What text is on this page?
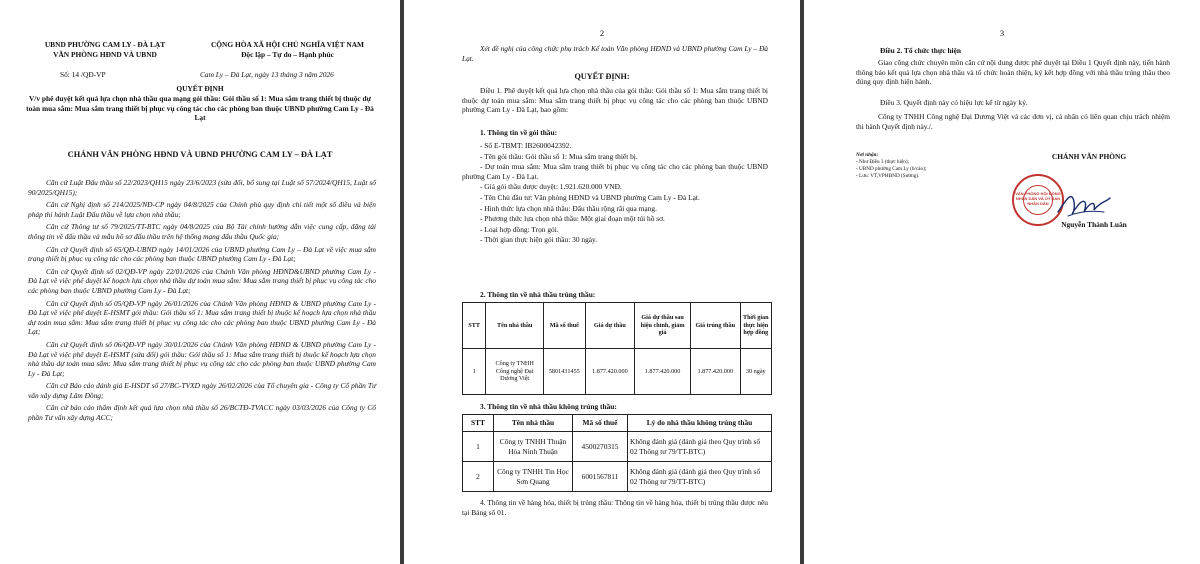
UBND PHƯỜNG CAM LY - ĐÀ LẠT
VĂN PHÒNG HĐND VÀ UBND
CỘNG HÒA XÃ HỘI CHỦ NGHĨA VIỆT NAM
Độc lập – Tự do – Hạnh phúc
Số: 14 /QĐ-VP	Cam Ly – Đà Lạt, ngày 13 tháng 3 năm 2026
QUYẾT ĐỊNH
V/v phê duyệt kết quả lựa chọn nhà thầu qua mạng gói thầu: Gói thầu số 1: Mua sắm trang thiết bị thuộc dự toán mua sắm: Mua sắm trang thiết bị phục vụ công tác cho các phòng ban thuộc UBND phường Cam Ly - Đà Lạt
CHÁNH VĂN PHÒNG HĐND VÀ UBND PHƯỜNG CAM LY – ĐÀ LẠT
Căn cứ Luật Đấu thầu số 22/2023/QH15 ngày 23/6/2023 (sửa đổi, bổ sung tại Luật số 57/2024/QH15, Luật số 90/2025/QH15);
Căn cứ Nghị định số 214/2025/NĐ-CP ngày 04/8/2025 của Chính phủ quy định chi tiết một số điều và biện pháp thi hành Luật Đấu thầu về lựa chọn nhà thầu;
Căn cứ Thông tư số 79/2025/TT-BTC ngày 04/8/2025 của Bộ Tài chính hướng dẫn việc cung cấp, đăng tải thông tin về đấu thầu và mẫu hồ sơ đấu thầu trên hệ thống mạng đấu thầu Quốc gia;
Căn cứ Quyết định số 65/QĐ-UBND ngày 14/01/2026 của UBND phường Cam Ly – Đà Lạt về việc mua sắm trang thiết bị phục vụ công tác cho các phòng ban thuộc UBND phường Cam Ly - Đà Lạt;
Căn cứ Quyết định số 02/QĐ-VP ngày 22/01/2026 của Chánh Văn phòng HĐND&UBND phường Cam Ly - Đà Lạt về việc phê duyệt kế hoạch lựa chọn nhà thầu dự toán mua sắm: Mua sắm trang thiết bị phục vụ công tác cho các phòng ban thuộc UBND phường Cam Ly - Đà Lạt;
Căn cứ Quyết định số 05/QĐ-VP ngày 26/01/2026 của Chánh Văn phòng HĐND & UBND phường Cam Ly - Đà Lạt về việc phê duyệt E-HSMT gói thầu: Gói thầu số 1: Mua sắm trang thiết bị thuộc kế hoạch lựa chọn nhà thầu dự toán mua sắm: Mua sắm trang thiết bị phục vụ công tác cho các phòng ban thuộc UBND phường Cam Ly - Đà Lạt;
Căn cứ Quyết định số 06/QĐ-VP ngày 30/01/2026 của Chánh Văn phòng HĐND & UBND phường Cam Ly - Đà Lạt về việc phê duyệt E-HSMT (sửa đổi) gói thầu: Gói thầu số 1: Mua sắm trang thiết bị thuộc kế hoạch lựa chọn nhà thầu dự toán mua sắm: Mua sắm trang thiết bị phục vụ công tác cho các phòng ban thuộc UBND phường Cam Ly - Đà Lạt;
Căn cứ Báo cáo đánh giá E-HSDT số 27/BC-TVXD ngày 26/02/2026 của Tổ chuyên gia - Công ty Cổ phần Tư vấn xây dựng Lâm Đồng;
Căn cứ báo cáo thẩm định kết quả lựa chọn nhà thầu số 26/BCTĐ-TVACC ngày 03/03/2026 của Công ty Cổ phần Tư vấn xây dựng ACC;
2
Xét đề nghị của công chức phụ trách Kế toán Văn phòng HĐND và UBND phường Cam Ly – Đà Lạt.
QUYẾT ĐỊNH:
Điều 1. Phê duyệt kết quả lựa chọn nhà thầu của gói thầu: Gói thầu số 1: Mua sắm trang thiết bị thuộc dự toán mua sắm: Mua sắm trang thiết bị phục vụ công tác cho các phòng ban thuộc UBND phường Cam Ly - Đà Lạt, bao gồm:
1. Thông tin về gói thầu:
- Số E-TBMT: IB2600042392.
- Tên gói thầu: Gói thầu số 1: Mua sắm trang thiết bị.
- Dự toán mua sắm: Mua sắm trang thiết bị phục vụ công tác cho các phòng ban thuộc UBND phường Cam Ly - Đà Lạt.
- Giá gói thầu được duyệt: 1.921.620.000 VNĐ.
- Tên Chủ đầu tư: Văn phòng HĐND và UBND phường Cam Ly - Đà Lạt.
- Hình thức lựa chọn nhà thầu: Đấu thầu rộng rãi qua mạng.
- Phương thức lựa chọn nhà thầu: Một giai đoạn một túi hồ sơ.
- Loại hợp đồng: Trọn gói.
- Thời gian thực hiện gói thầu: 30 ngày.
2. Thông tin về nhà thầu trúng thầu:
STT	Tên nhà thầu	Mã số thuế	Giá dự thầu	Giá dự thầu sau hiệu chỉnh, giảm giá	Giá trúng thầu	Thời gian thực hiện hợp đồng
1	Công ty TNHH Công nghệ Đại Dương Việt	5801431455	1.877.420.000	1.877.420.000	1.877.420.000	30 ngày
3. Thông tin về nhà thầu không trúng thầu:
STT	Tên nhà thầu	Mã số thuế	Lý do nhà thầu không trúng thầu
1	Công ty TNHH Thuận Hòa Ninh Thuận	4500270315	Không đánh giá (đánh giá theo Quy trình số 02 Thông tư 79/TT-BTC)
2	Công ty TNHH Tin Học Sơn Quang	6001567811	Không đánh giá (đánh giá theo Quy trình số 02 Thông tư 79/TT-BTC)
4. Thông tin về hàng hóa, thiết bị trúng thầu: Thông tin về hàng hóa, thiết bị trúng thầu được nêu tại Bảng số 01.
3
Điều 2. Tổ chức thực hiện
Giao công chức chuyên môn căn cứ nội dung được phê duyệt tại Điều 1 Quyết định này, tiến hành thông báo kết quả lựa chọn nhà thầu và tổ chức hoàn thiện, ký kết hợp đồng với nhà thầu trúng thầu theo đúng quy định hiện hành.
Điều 3. Quyết định này có hiệu lực kể từ ngày ký.
Công ty TNHH Công nghệ Đại Dương Việt và các đơn vị, cá nhân có liên quan chịu trách nhiệm thi hành Quyết định này./.
Nơi nhận:
- Như Điều 3 (thực hiện);
- UBND phường Cam Ly (b/cáo);
- Lưu: VT,VPHĐND (Sương).
CHÁNH VĂN PHÒNG
VĂN PHÒNG HỘI ĐỒNG NHÂN DÂN VÀ ỦY BAN NHÂN DÂN
Nguyễn Thành Luân
